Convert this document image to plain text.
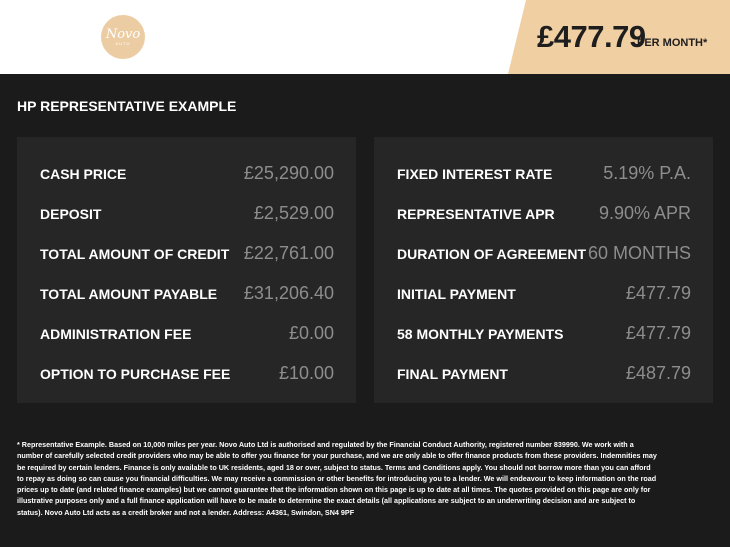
Novo
AUTO	£477.79
PER MONTH*
HP REPRESENTATIVE EXAMPLE
CASH PRICE	£25,290.00
DEPOSIT	£2,529.00
TOTAL AMOUNT OF CREDIT £22,761.00
TOTAL AMOUNT PAYABLE £31,206.40
ADMINISTRATION FEE	£0.00
OPTION TO PURCHASE FEE	£10.00
FIXED INTEREST RATE	5.19% P.A.
REPRESENTATIVE APR 9.90% APR
DURATION OF AGREEMENT 60 MONTHS
INITIAL PAYMENT	£477.79
58 MONTHLY PAYMENTS	£477.79
FINAL PAYMENT	£487.79

* Representative Example. Based on 10,000 miles per year. Novo Auto Ltd is authorised and regulated by the Financial Conduct Authority, registered number 839990. We work with a number of carefully selected credit providers who may be able to offer you finance for your purchase, and we are only able to offer finance products from these providers. Indemnities may be required by certain lenders. Finance is only available to UK residents, aged 18 or over, subject to status. Terms and Conditions apply. You should not borrow more than you can afford to repay as doing so can cause you financial difficulties. We may receive a commission or other benefits for introducing you to a lender. We will endeavour to keep information on the road prices up to date (and related finance examples) but we cannot guarantee that the information shown on this page is up to date at all times. The quotes provided on this page are only for illustrative purposes only and a full finance application will have to be made to determine the exact details (all applications are subject to an underwriting decision and are subject to status). Novo Auto Ltd acts as a credit broker and not a lender. Address: A4361, Swindon, SN4 9PF
